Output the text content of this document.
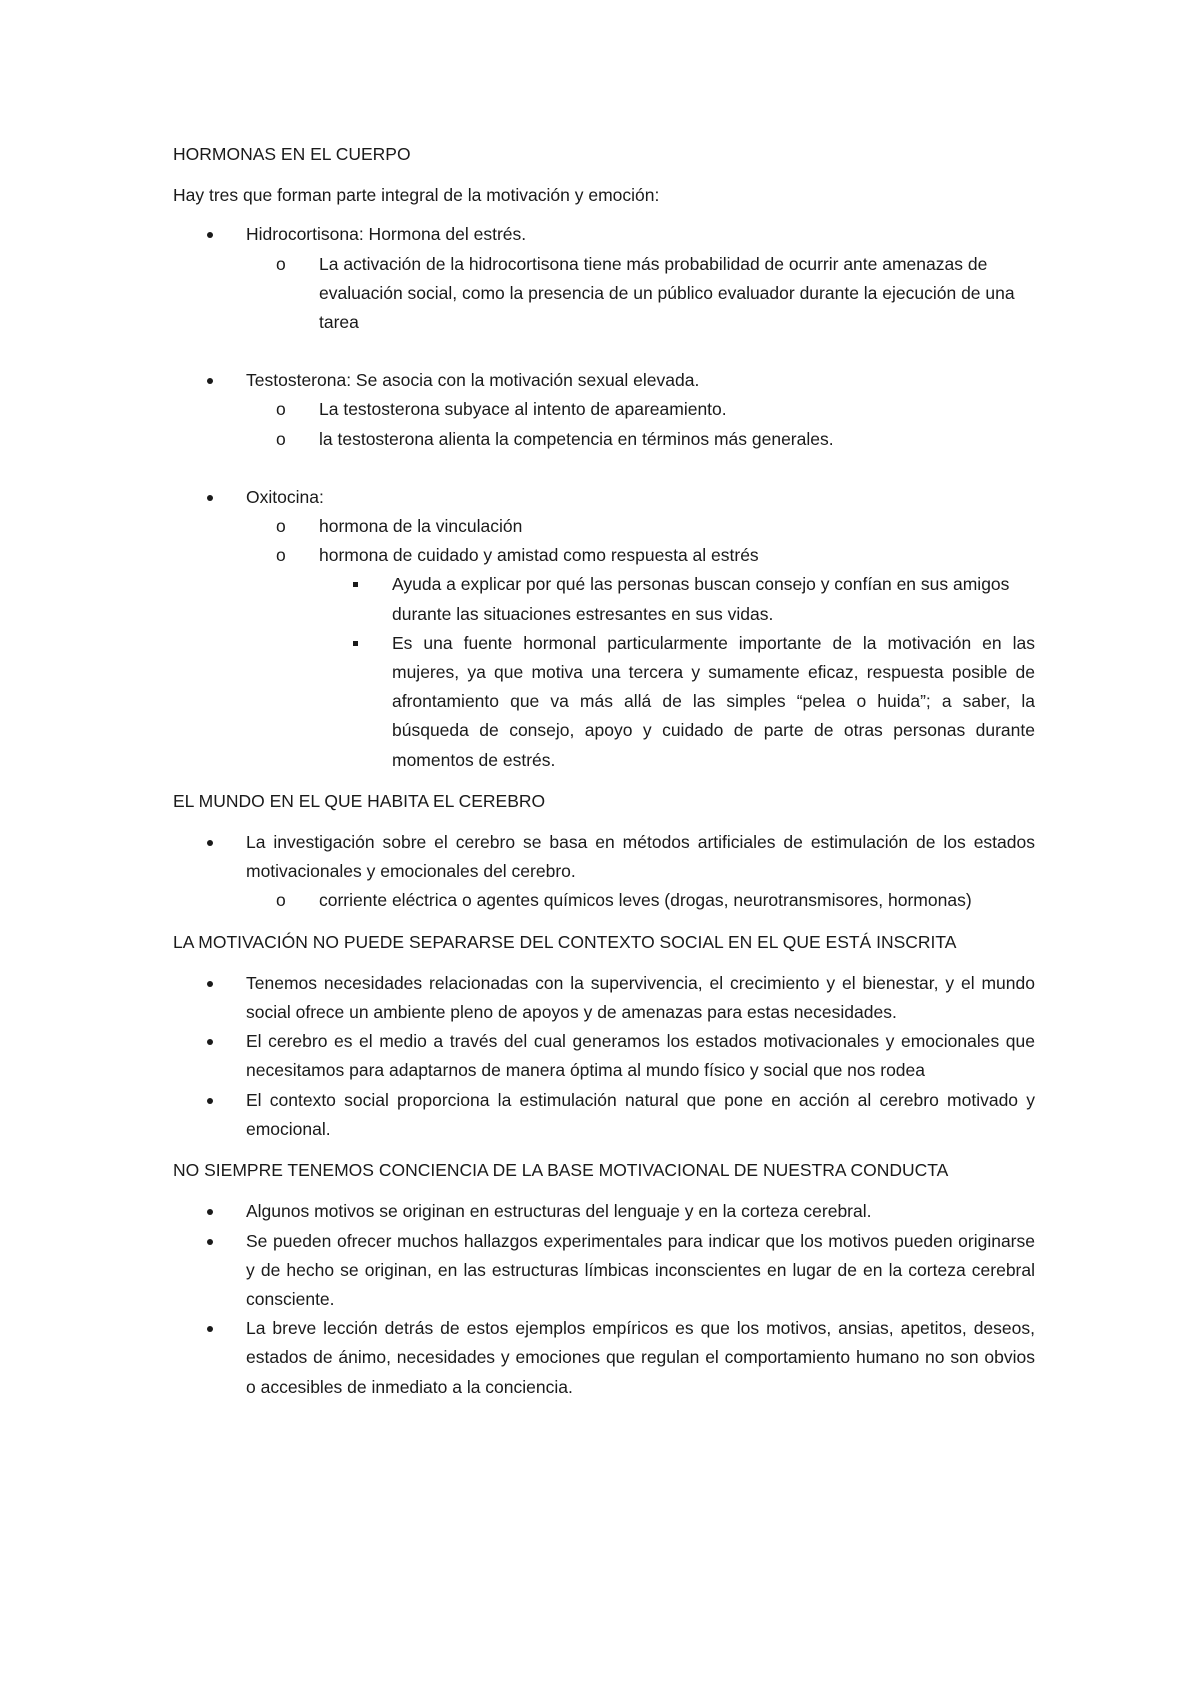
HORMONAS EN EL CUERPO

Hay tres que forman parte integral de la motivación y emoción:

Hidrocortisona: Hormona del estrés.
o La activación de la hidrocortisona tiene más probabilidad de ocurrir ante amenazas de evaluación social, como la presencia de un público evaluador durante la ejecución de una tarea
Testosterona: Se asocia con la motivación sexual elevada.
o La testosterona subyace al intento de apareamiento.
o la testosterona alienta la competencia en términos más generales.
Oxitocina:
o hormona de la vinculación
o hormona de cuidado y amistad como respuesta al estrés
Ayuda a explicar por qué las personas buscan consejo y confían en sus amigos durante las situaciones estresantes en sus vidas.
Es una fuente hormonal particularmente importante de la motivación en las mujeres, ya que motiva una tercera y sumamente eficaz, respuesta posible de afrontamiento que va más allá de las simples “pelea o huida”; a saber, la búsqueda de consejo, apoyo y cuidado de parte de otras personas durante momentos de estrés.

EL MUNDO EN EL QUE HABITA EL CEREBRO

La investigación sobre el cerebro se basa en métodos artificiales de estimulación de los estados motivacionales y emocionales del cerebro.
o corriente eléctrica o agentes químicos leves (drogas, neurotransmisores, hormonas)

LA MOTIVACIÓN NO PUEDE SEPARARSE DEL CONTEXTO SOCIAL EN EL QUE ESTÁ INSCRITA

Tenemos necesidades relacionadas con la supervivencia, el crecimiento y el bienestar, y el mundo social ofrece un ambiente pleno de apoyos y de amenazas para estas necesidades.
El cerebro es el medio a través del cual generamos los estados motivacionales y emocionales que necesitamos para adaptarnos de manera óptima al mundo físico y social que nos rodea
El contexto social proporciona la estimulación natural que pone en acción al cerebro motivado y emocional.

NO SIEMPRE TENEMOS CONCIENCIA DE LA BASE MOTIVACIONAL DE NUESTRA CONDUCTA

Algunos motivos se originan en estructuras del lenguaje y en la corteza cerebral.
Se pueden ofrecer muchos hallazgos experimentales para indicar que los motivos pueden originarse y de hecho se originan, en las estructuras límbicas inconscientes en lugar de en la corteza cerebral consciente.
La breve lección detrás de estos ejemplos empíricos es que los motivos, ansias, apetitos, deseos, estados de ánimo, necesidades y emociones que regulan el comportamiento humano no son obvios o accesibles de inmediato a la conciencia.
